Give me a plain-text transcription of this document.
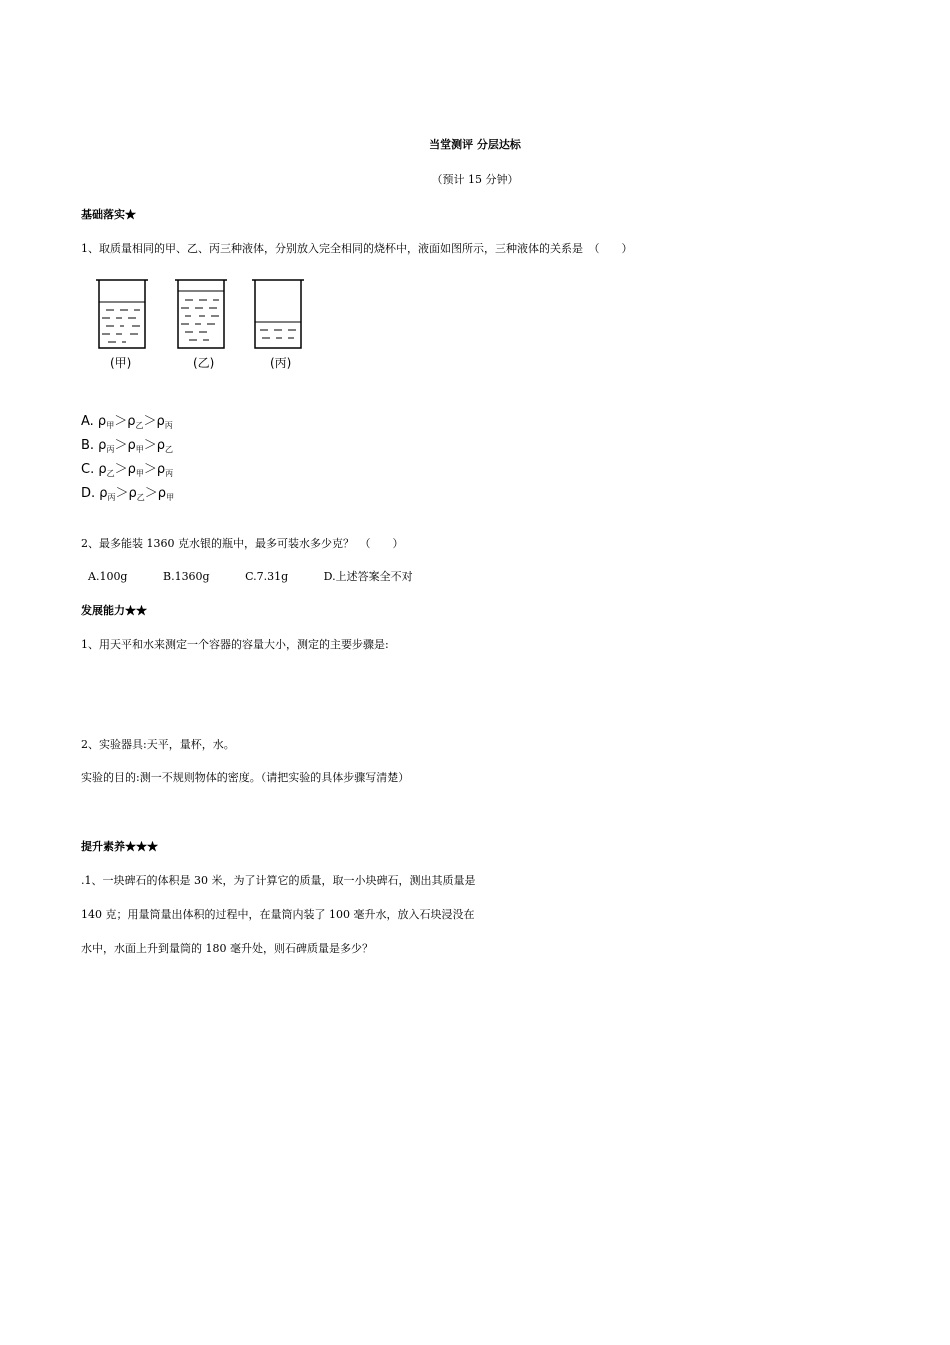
当堂测评 分层达标
（预计 15 分钟）
基础落实★
1、取质量相同的甲、乙、丙三种液体，分别放入完全相同的烧杯中，液面如图所示，三种液体的关系是　（　　）
(甲)	(乙)	(丙)
A. $\rho_甲>\rho_乙>\rho_丙$
B. $\rho_丙>\rho_甲>\rho_乙$
C. $\rho_乙>\rho_甲>\rho_丙$
D. $\rho_丙>\rho_乙>\rho_甲$
2、最多能装 1360 克水银的瓶中，最多可装水多少克？　（　　）
A.100g	B.1360g	C.7.31g	D.上述答案全不对
发展能力★★
1、用天平和水来测定一个容器的容量大小，测定的主要步骤是:
2、实验器具:天平，量杯，水。
实验的目的:测一不规则物体的密度。（请把实验的具体步骤写清楚）
提升素养★★★
.1、一块碑石的体积是 30 米，为了计算它的质量，取一小块碑石，测出其质量是
140 克；用量筒量出体积的过程中，在量筒内装了 100 毫升水，放入石块浸没在
水中，水面上升到量筒的 180 毫升处，则石碑质量是多少？
